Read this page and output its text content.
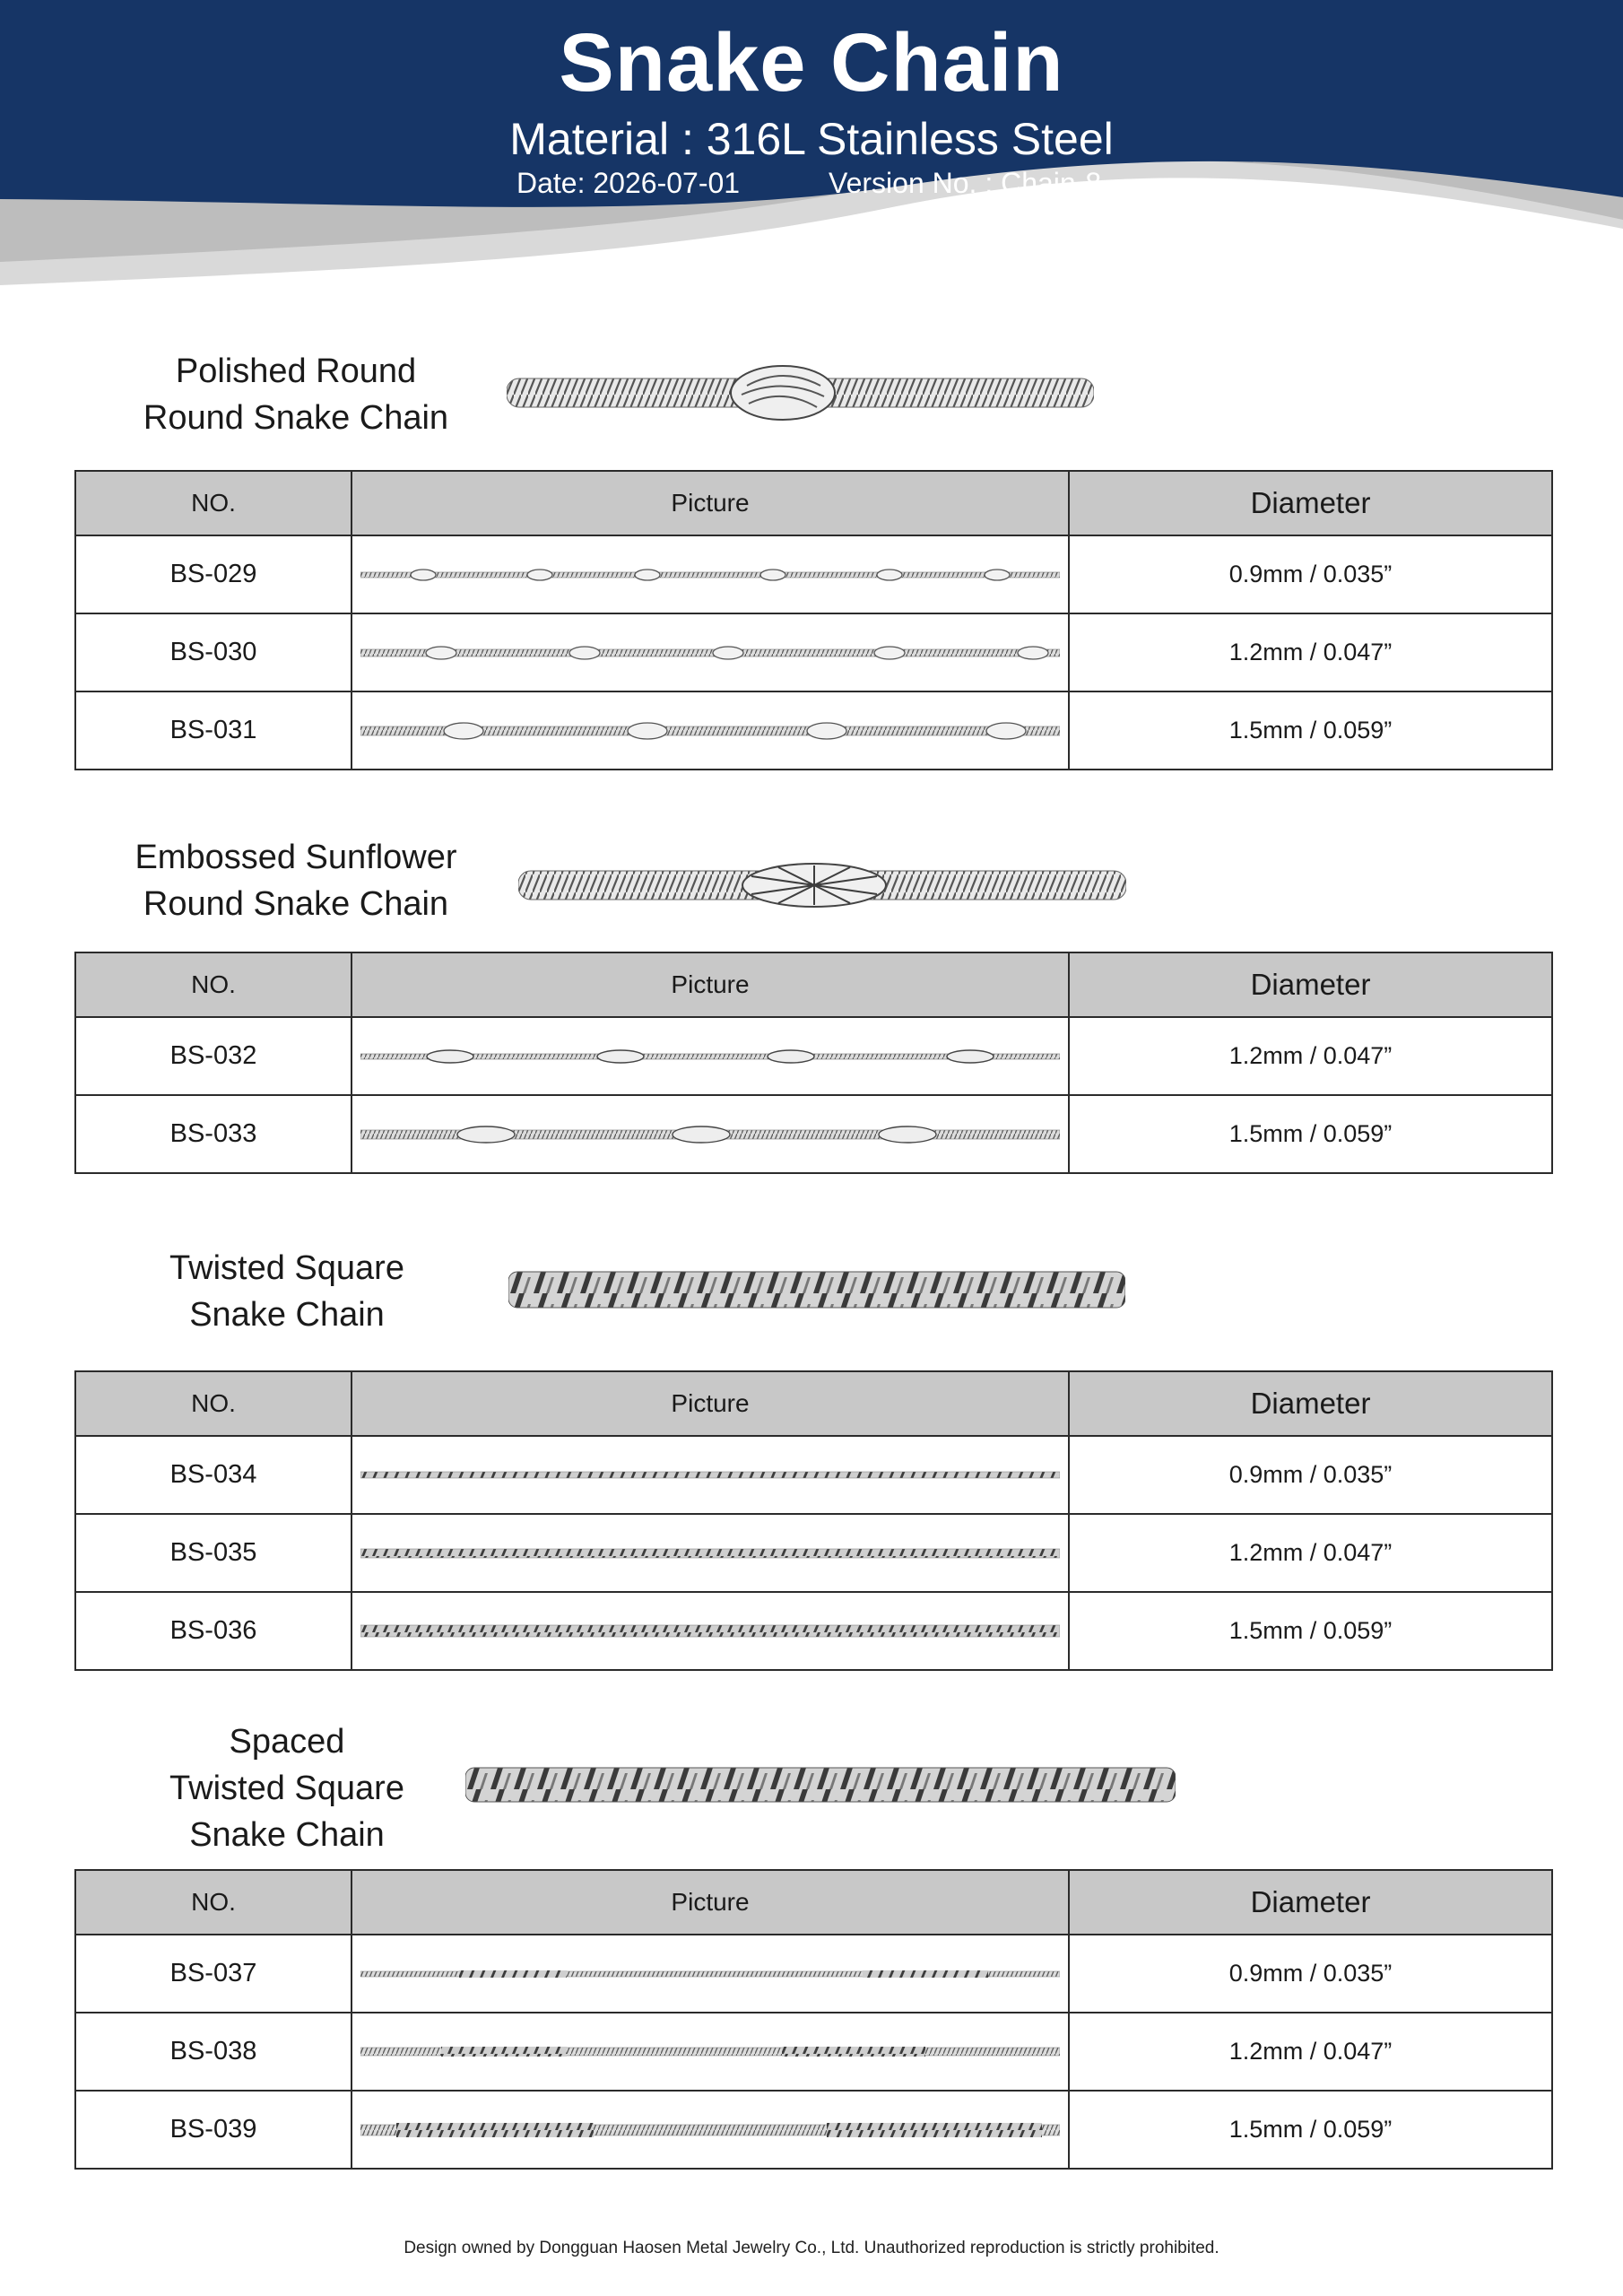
Snake Chain
Material : 316L Stainless Steel
Date: 2026-07-01	Version No. : Chain-8
Polished Round
Round Snake Chain
NO.	Picture	Diameter
BS-029		0.9mm / 0.035”
BS-030		1.2mm / 0.047”
BS-031		1.5mm / 0.059”
Embossed Sunflower
Round Snake Chain
NO.	Picture	Diameter
BS-032		1.2mm / 0.047”
BS-033		1.5mm / 0.059”
Twisted Square
Snake Chain
NO.	Picture	Diameter
BS-034		0.9mm / 0.035”
BS-035		1.2mm / 0.047”
BS-036		1.5mm / 0.059”
Spaced
Twisted Square
Snake Chain
NO.	Picture	Diameter
BS-037		0.9mm / 0.035”
BS-038		1.2mm / 0.047”
BS-039		1.5mm / 0.059”
Design owned by Dongguan Haosen Metal Jewelry Co., Ltd. Unauthorized reproduction is strictly prohibited.
